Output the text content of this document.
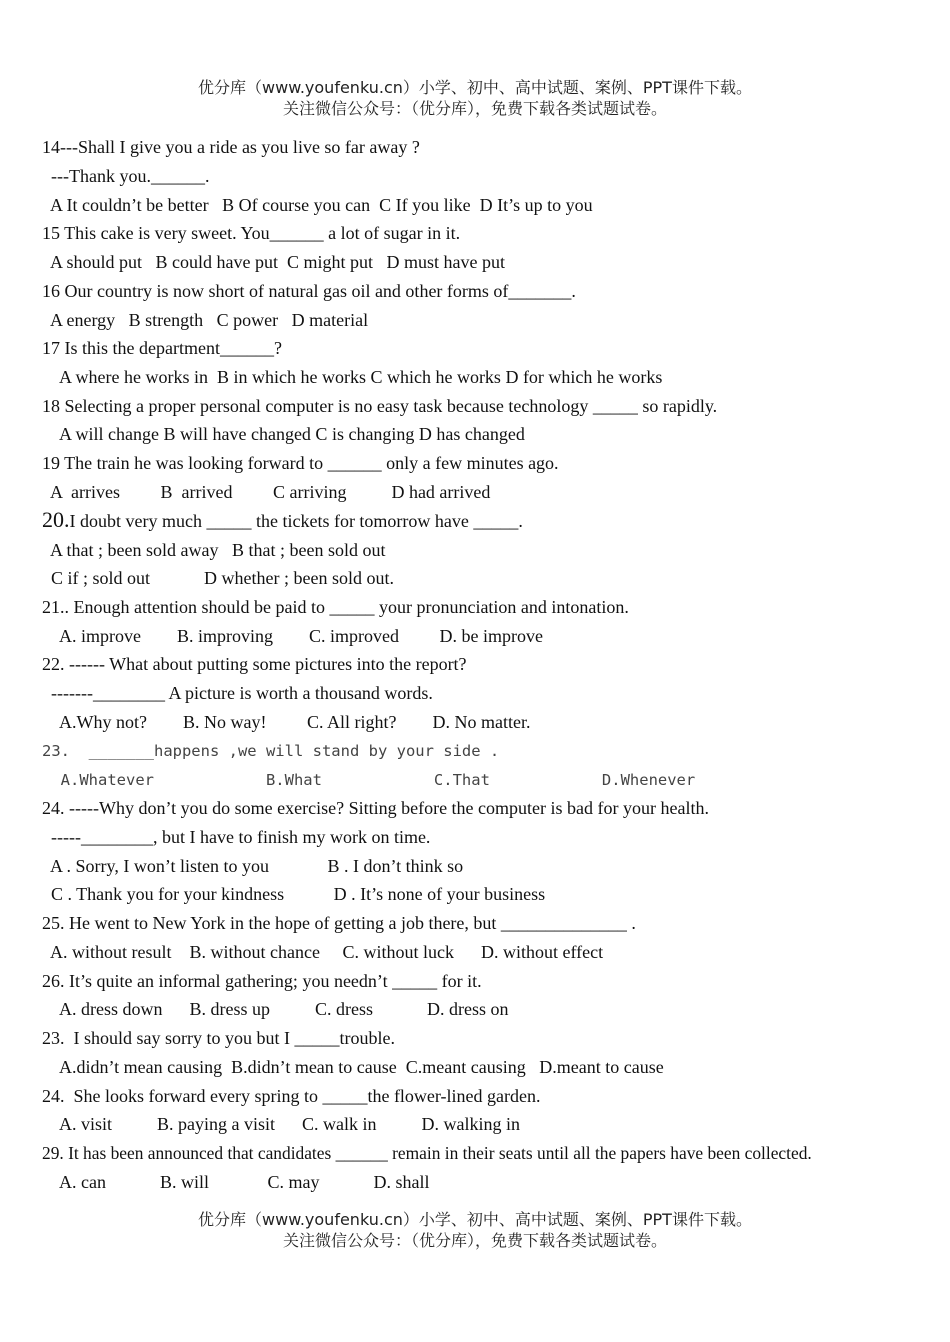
优分库（www.youfenku.cn）小学、初中、高中试题、案例、PPT课件下载。
关注微信公众号：（优分库），免费下载各类试题试卷。
14---Shall I give you a ride as you live so far away ?
---Thank you.______.
A It couldn’t be better   B Of course you can  C If you like  D It’s up to you
15 This cake is very sweet. You______ a lot of sugar in it.
A should put   B could have put  C might put   D must have put
16 Our country is now short of natural gas oil and other forms of_______.
A energy   B strength   C power   D material
17 Is this the department______?
A where he works in  B in which he works C which he works D for which he works
18 Selecting a proper personal computer is no easy task because technology _____ so rapidly.
A will change B will have changed C is changing D has changed
19 The train he was looking forward to ______ only a few minutes ago.
A  arrives         B  arrived         C arriving          D had arrived
20.I doubt very much _____ the tickets for tomorrow have _____.
A that ; been sold away   B that ; been sold out
C if ; sold out            D whether ; been sold out.
21.. Enough attention should be paid to _____ your pronunciation and intonation.
A. improve        B. improving        C. improved         D. be improve
22. ------ What about putting some pictures into the report?
-------________ A picture is worth a thousand words.
A.Why not?        B. No way!         C. All right?        D. No matter.
23.  _______happens ,we will stand by your side .
A.Whatever            B.What            C.That            D.Whenever
24. -----Why don’t you do some exercise? Sitting before the computer is bad for your health.
-----________, but I have to finish my work on time.
A . Sorry, I won’t listen to you             B . I don’t think so
C . Thank you for your kindness           D . It’s none of your business
25. He went to New York in the hope of getting a job there, but ______________ .
A. without result    B. without chance     C. without luck      D. without effect
26. It’s quite an informal gathering; you needn’t _____ for it.
A. dress down      B. dress up          C. dress            D. dress on
23.  I should say sorry to you but I _____trouble.
A.didn’t mean causing  B.didn’t mean to cause  C.meant causing   D.meant to cause
24.  She looks forward every spring to _____the flower-lined garden.
A. visit          B. paying a visit      C. walk in          D. walking in
29. It has been announced that candidates ______ remain in their seats until all the papers have been collected.
A. can            B. will             C. may            D. shall
优分库（www.youfenku.cn）小学、初中、高中试题、案例、PPT课件下载。
关注微信公众号：（优分库），免费下载各类试题试卷。
